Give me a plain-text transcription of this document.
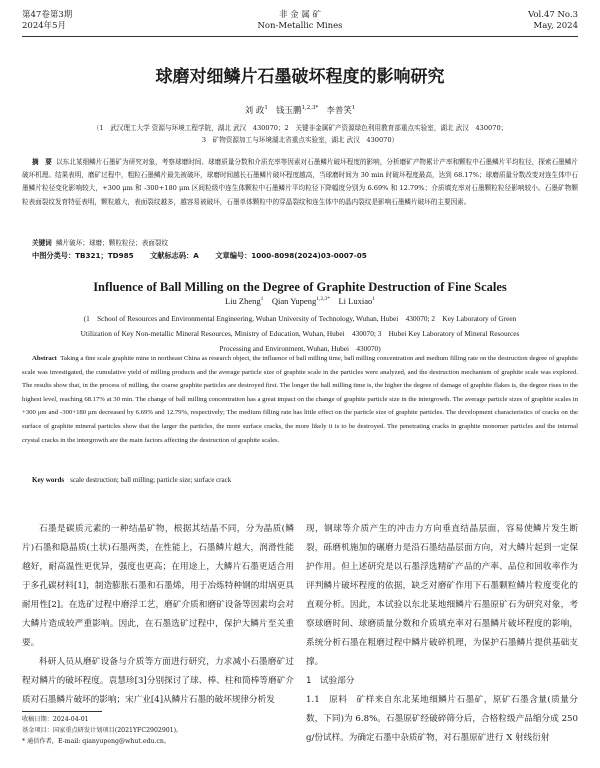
第47卷第3期
2024年5月
非 金 属 矿
Non-Metallic Mines
Vol.47 No.3
May, 2024
球磨对细鳞片石墨破坏程度的影响研究
刘 政$^1$ 钱玉鹏$^{1,2,3*}$ 李普笑$^1$
（1　武汉理工大学 资源与环境工程学院，湖北 武汉　430070；2　关键非金属矿产资源绿色利用教育部重点实验室，湖北 武汉　430070；
3　矿物资源加工与环境湖北省重点实验室，湖北 武汉　430070）
摘　要 以东北某细鳞片石墨矿为研究对象，考察球磨时间、球磨质量分数和介质充率等因素对石墨鳞片破坏程度的影响，分析磨矿产物累计产率和颗粒中石墨鳞片平均粒径，探索石墨鳞片破坏机理。结果表明，磨矿过程中，粗粒石墨鳞片最先被破坏，球磨时间越长石墨鳞片破坏程度越高，当球磨时间为 30 min 时破坏程度最高，达到 68.17%；球磨质量分数改变对连生体中石墨鳞片粒径变化影响较大，+300 μm 和 -300+180 μm 区间粒级中连生体颗粒中石墨鳞片平均粒径下降幅度分别为 6.69% 和 12.79%；介质填充率对石墨颗粒粒径影响较小。石墨矿物颗粒表面裂纹发育特征表明，颗粒越大，表面裂纹越多，越容易被破坏，石墨单体颗粒中的穿晶裂纹和连生体中的晶内裂纹是影响石墨鳞片破坏的主要因素。
关键词 鳞片破坏；球磨；颗粒粒径；表面裂纹
中图分类号：TB321；TD985 文献标志码：A 文章编号：1000-8098(2024)03-0007-05
Influence of Ball Milling on the Degree of Graphite Destruction of Fine Scales
Liu Zheng$^1$ Qian Yupeng$^{1,2,3*}$ Li Luxiao$^1$
(1　School of Resources and Environmental Engineering, Wuhan University of Technology, Wuhan, Hubei　430070; 2　Key Laboratory of Green
Utilization of Key Non-metallic Mineral Resources, Ministry of Education, Wuhan, Hubei　430070; 3　Hubei Key Laboratory of Mineral Resources
Processing and Environment, Wuhan, Hubei　430070)
Abstract Taking a fine scale graphite mine in northeast China as research object, the influence of ball milling time, ball milling concentration and medium filling rate on the destruction degree of graphite scale was investigated, the cumulative yield of milling products and the average particle size of graphite scale in the particles were analyzed, and the destruction mechanism of graphite scale was explored. The results show that, in the process of milling, the coarse graphite particles are destroyed first. The longer the ball milling time is, the higher the degree of damage of graphite flakes is, the degree rises to the highest level, reaching 68.17% at 30 min. The change of ball milling concentration has a great impact on the change of graphite particle size in the intergrowth. The average particle sizes of graphite scales in +300 μm and -300+180 μm decreased by 6.69% and 12.79%, respectively; The medium filling rate has little effect on the particle size of graphite particles. The development characteristics of cracks on the surface of graphite mineral particles show that the larger the particles, the more surface cracks, the more likely it is to be destroyed. The penetrating cracks in graphite monomer particles and the internal crystal cracks in the intergrowth are the main factors affecting the destruction of graphite scales.
Key words scale destruction; ball milling; particle size; surface crack

石墨是碳质元素的一种结晶矿物，根据其结晶不同，分为晶质(鳞片)石墨和隐晶质(土状)石墨两类，在性能上，石墨鳞片越大，润滑性能越好，耐高温性更优异，强度也更高；在用途上，大鳞片石墨更适合用于多孔碳材料[1]，制造膨胀石墨和石墨烯，用于冶炼特种钢的坩埚更具耐用性[2]。在选矿过程中磨浮工艺，磨矿介质和磨矿设备等因素均会对大鳞片造成较严重影响。因此，在石墨选矿过程中，保护大鳞片至关重要。

科研人员从磨矿设备与介质等方面进行研究，力求减小石墨磨矿过程对鳞片的破坏程度。袁慧珍[3]分别探讨了球、棒、柱和筒棒等磨矿介质对石墨鳞片破坏的影响；宋广业[4]从鳞片石墨的破坏规律分析发

现，钢球等介质产生的冲击力方向垂直结晶层面，容易使鳞片发生断裂，砾磨机施加的碾磨力是沿石墨结晶层面方向，对大鳞片起到一定保护作用。但上述研究是以石墨浮选精矿产品的产率、品位和回收率作为评判鳞片破坏程度的依据，缺乏对磨矿作用下石墨颗粒鳞片粒度变化的直观分析。因此，本试验以东北某地细鳞片石墨原矿石为研究对象，考察球磨时间、球磨质量分数和介质填充率对石墨鳞片破坏程度的影响，系统分析石墨在粗磨过程中鳞片破碎机理，为保护石墨鳞片提供基础支撑。

1　试验部分

1.1　原料　矿样来自东北某地细鳞片石墨矿，原矿石墨含量(质量分数，下同)为 6.8%。石墨原矿经破碎筛分后，合格粒级产品缩分成 250 g/份试样。为确定石墨中杂质矿物，对石墨原矿进行 X 射线衍射

收稿日期：2024-04-01
基金项目：国家重点研发计划项目(2021YFC2902901)。
* 通信作者，E-mail: qianyupeng@whut.edu.cn。
